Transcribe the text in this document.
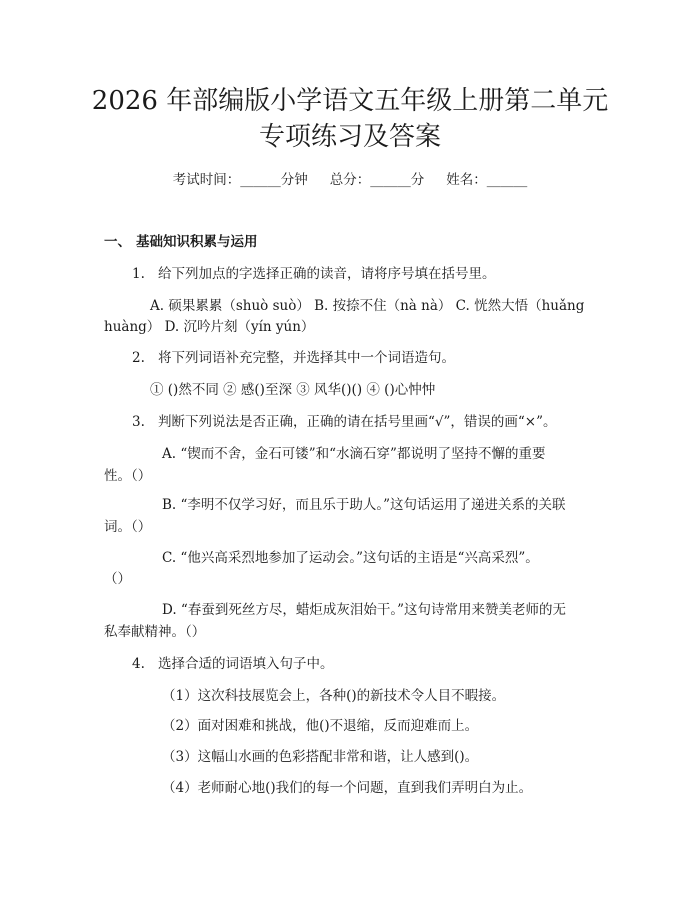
2026 年部编版小学语文五年级上册第二单元
专项练习及答案
考试时间：______分钟 总分：______分 姓名：______
一、 基础知识积累与运用
1. 给下列加点的字选择正确的读音，请将序号填在括号里。
A. 硕果累累（shuò suò） B. 按捺不住（nà nà） C. 恍然大悟（huǎng
huàng） D. 沉吟片刻（yín yún）
2. 将下列词语补充完整，并选择其中一个词语造句。
① ()然不同 ② 感()至深 ③ 风华()() ④ ()心忡忡
3. 判断下列说法是否正确，正确的请在括号里画“√”，错误的画“×”。
A. “锲而不舍，金石可镂”和“水滴石穿”都说明了坚持不懈的重要
性。（）
B. “李明不仅学习好，而且乐于助人。”这句话运用了递进关系的关联
词。（）
C. “他兴高采烈地参加了运动会。”这句话的主语是“兴高采烈”。
（）
D. “春蚕到死丝方尽，蜡炬成灰泪始干。”这句诗常用来赞美老师的无
私奉献精神。（）
4. 选择合适的词语填入句子中。
（1）这次科技展览会上，各种()的新技术令人目不暇接。
（2）面对困难和挑战，他()不退缩，反而迎难而上。
（3）这幅山水画的色彩搭配非常和谐，让人感到()。
（4）老师耐心地()我们的每一个问题，直到我们弄明白为止。
